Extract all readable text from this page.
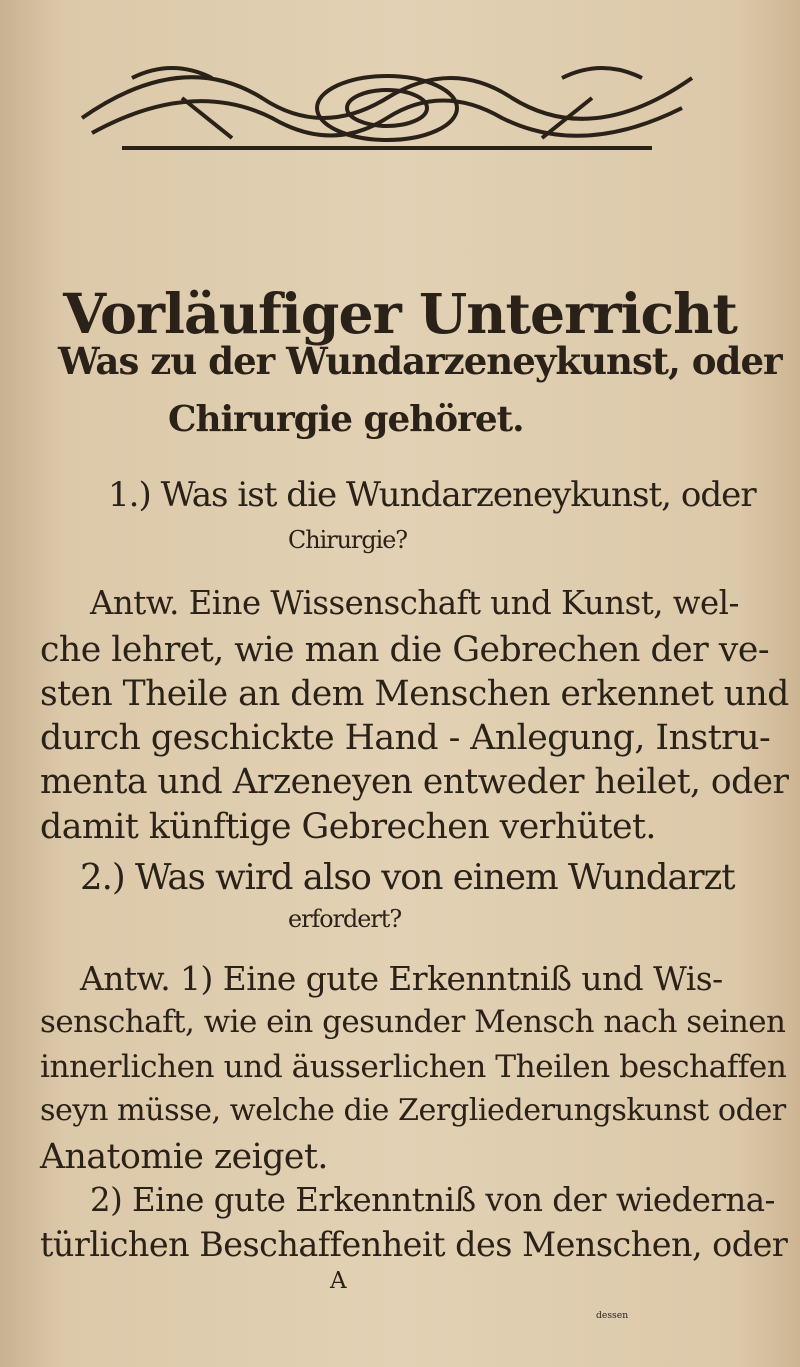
Vorläufiger Unterricht
Was zu der Wundarzeneykunst, oder
Chirurgie gehöret.
1.) Was ist die Wundarzeneykunst, oder
Chirurgie?
Antw. Eine Wissenschaft und Kunst, wel-
che lehret, wie man die Gebrechen der ve-
sten Theile an dem Menschen erkennet und
durch geschickte Hand - Anlegung, Instru-
menta und Arzeneyen entweder heilet, oder
damit künftige Gebrechen verhütet.
2.) Was wird also von einem Wundarzt
erfordert?
Antw. 1) Eine gute Erkenntniß und Wis-
senschaft, wie ein gesunder Mensch nach seinen
innerlichen und äusserlichen Theilen beschaffen
seyn müsse, welche die Zergliederungskunst oder
Anatomie zeiget.
2) Eine gute Erkenntniß von der wiederna-
türlichen Beschaffenheit des Menschen, oder
A
dessen
